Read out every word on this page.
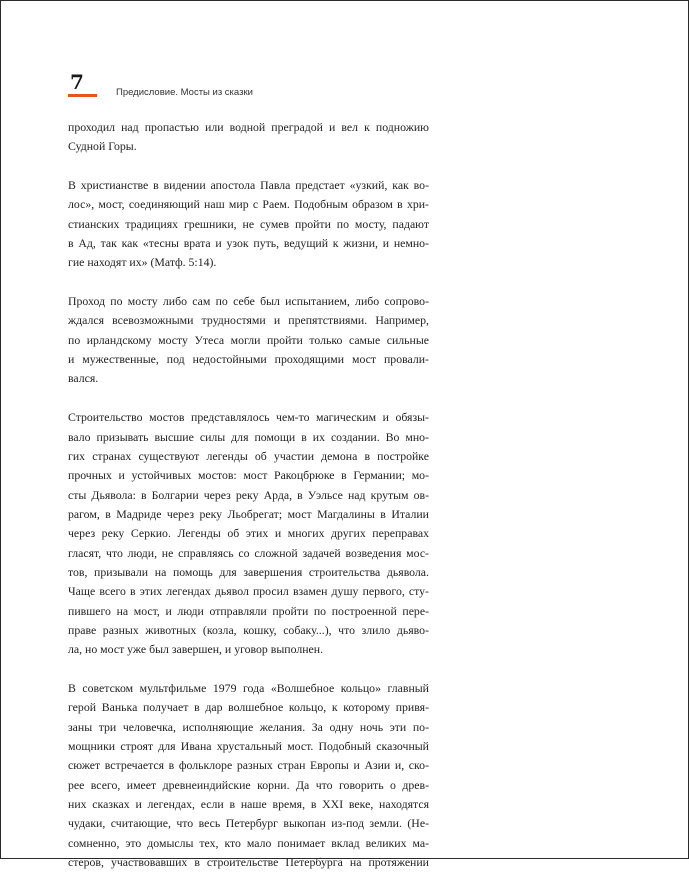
7	Предисловие. Мосты из сказки
проходил над пропастью или водной преградой и вел к подножию
Судной Горы.
В христианстве в видении апостола Павла предстает «узкий, как во-
лос», мост, соединяющий наш мир с Раем. Подобным образом в хри-
стианских традициях грешники, не сумев пройти по мосту, падают
в Ад, так как «тесны врата и узок путь, ведущий к жизни, и немно-
гие находят их» (Матф. 5:14).
Проход по мосту либо сам по себе был испытанием, либо сопрово-
ждался всевозможными трудностями и препятствиями. Например,
по ирландскому мосту Утеса могли пройти только самые сильные
и мужественные, под недостойными проходящими мост провали-
вался.
Строительство мостов представлялось чем-то магическим и обязы-
вало призывать высшие силы для помощи в их создании. Во мно-
гих странах существуют легенды об участии демона в постройке
прочных и устойчивых мостов: мост Ракоцбрюке в Германии; мо-
сты Дьявола: в Болгарии через реку Арда, в Уэльсе над крутым ов-
рагом, в Мадриде через реку Льобрегат; мост Магдалины в Италии
через реку Серкио. Легенды об этих и многих других переправах
гласят, что люди, не справляясь со сложной задачей возведения мос-
тов, призывали на помощь для завершения строительства дьявола.
Чаще всего в этих легендах дьявол просил взамен душу первого, сту-
пившего на мост, и люди отправляли пройти по построенной пере-
праве разных животных (козла, кошку, собаку...), что злило дьяво-
ла, но мост уже был завершен, и уговор выполнен.
В советском мультфильме 1979 года «Волшебное кольцо» главный
герой Ванька получает в дар волшебное кольцо, к которому привя-
заны три человечка, исполняющие желания. За одну ночь эти по-
мощники строят для Ивана хрустальный мост. Подобный сказочный
сюжет встречается в фольклоре разных стран Европы и Азии и, ско-
рее всего, имеет древнеиндийские корни. Да что говорить о древ-
них сказках и легендах, если в наше время, в XXI веке, находятся
чудаки, считающие, что весь Петербург выкопан из-под земли. (Не-
сомненно, это домыслы тех, кто мало понимает вклад великих ма-
стеров, участвовавших в строительстве Петербурга на протяжении
